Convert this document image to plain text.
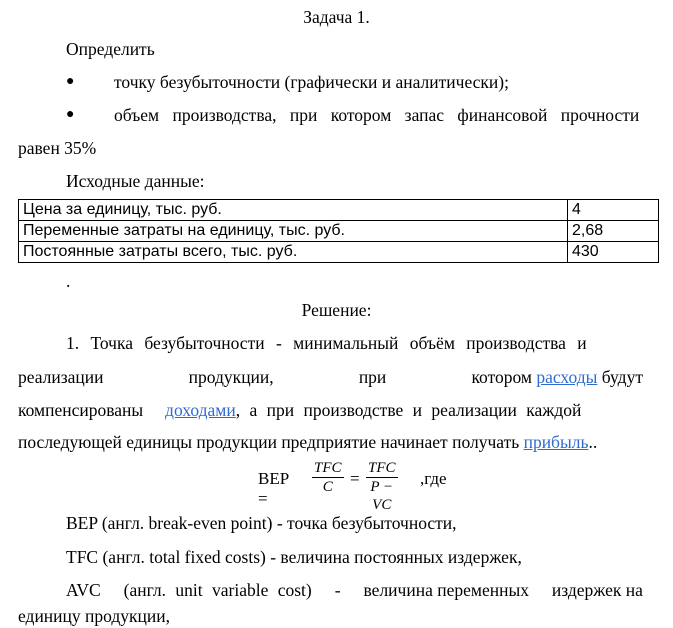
Задача 1.
Определить
● точку безубыточности (графически и аналитически);
● объем производства, при котором запас финансовой прочности
равен 35%
Исходные данные:
Цена за единицу, тыс. руб.	4
Переменные затраты на единицу, тыс. руб.	2,68
Постоянные затраты всего, тыс. руб.	430
.
Решение:
1. Точка безубыточности - минимальный объём производства и
реализации	продукции,	при	котором расходы будут
компенсированы доходами, а при производстве и реализации каждой
последующей единицы продукции предприятие начинает получать прибыль..
BEP =
TFC
C	=
TFC
P − VC
,где
BEP (англ. break-even point) - точка безубыточности,
TFC (англ. total fixed costs) - величина постоянных издержек,
AVC (англ. unit variable cost) - величина переменных издержек на
единицу продукции,
